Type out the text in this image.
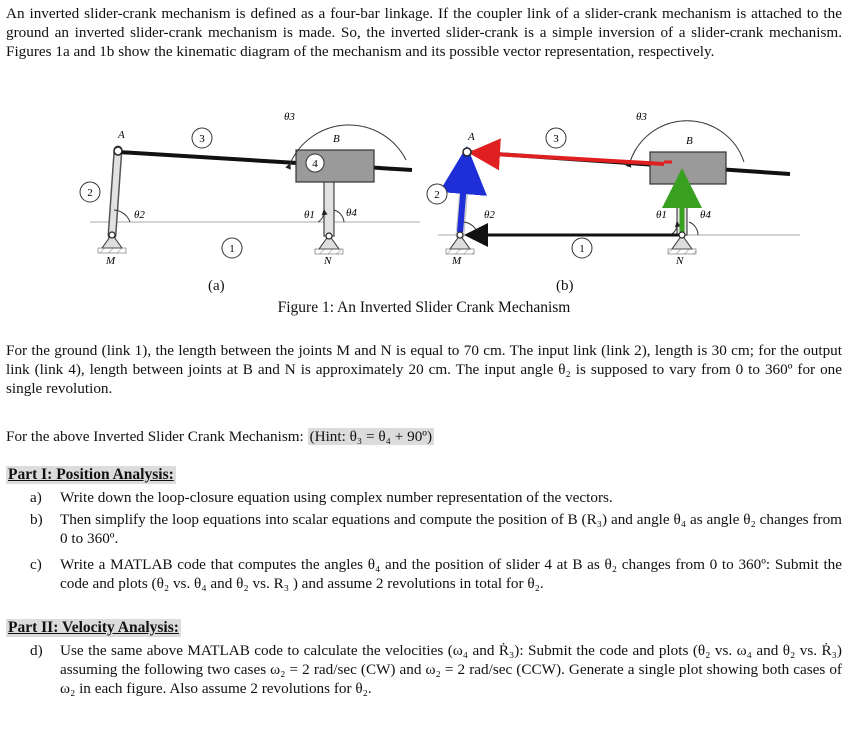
An inverted slider-crank mechanism is defined as a four-bar linkage. If the coupler link of a slider-crank mechanism is attached to the ground an inverted slider-crank mechanism is made. So, the inverted slider-crank is a simple inversion of a slider-crank mechanism. Figures 1a and 1b show the kinematic diagram of the mechanism and its possible vector representation, respectively.
3
4
2
1
A	B
M	N
θ3
θ2	θ1	θ4
3
2
1
A	B
M	N
θ3
θ2	θ1	θ4
(a)	(b)
Figure 1: An Inverted Slider Crank Mechanism
For the ground (link 1), the length between the joints M and N is equal to 70 cm. The input link (link 2), length is 30 cm; for the output link (link 4), length between joints at B and N is approximately 20 cm. The input angle θ₂ is supposed to vary from 0 to 360º for one single revolution.
For the above Inverted Slider Crank Mechanism: (Hint: θ₃ = θ₄ + 90º)
Part I: Position Analysis:
a)	Write down the loop-closure equation using complex number representation of the vectors.
b)	Then simplify the loop equations into scalar equations and compute the position of B (R₃) and angle θ₄ as angle θ₂ changes from 0 to 360º.
c)	Write a MATLAB code that computes the angles θ₄ and the position of slider 4 at B as θ₂ changes from 0 to 360º: Submit the code and plots (θ₂ vs. θ₄ and θ₂ vs. R₃ ) and assume 2 revolutions in total for θ₂.
Part II: Velocity Analysis:
d)	Use the same above MATLAB code to calculate the velocities (ω₄ and Ṙ₃): Submit the code and plots (θ₂ vs. ω₄ and θ₂ vs. Ṙ₃) assuming the following two cases ω₂ = 2 rad/sec (CW) and ω₂ = 2 rad/sec (CCW). Generate a single plot showing both cases of ω₂ in each figure. Also assume 2 revolutions for θ₂.
